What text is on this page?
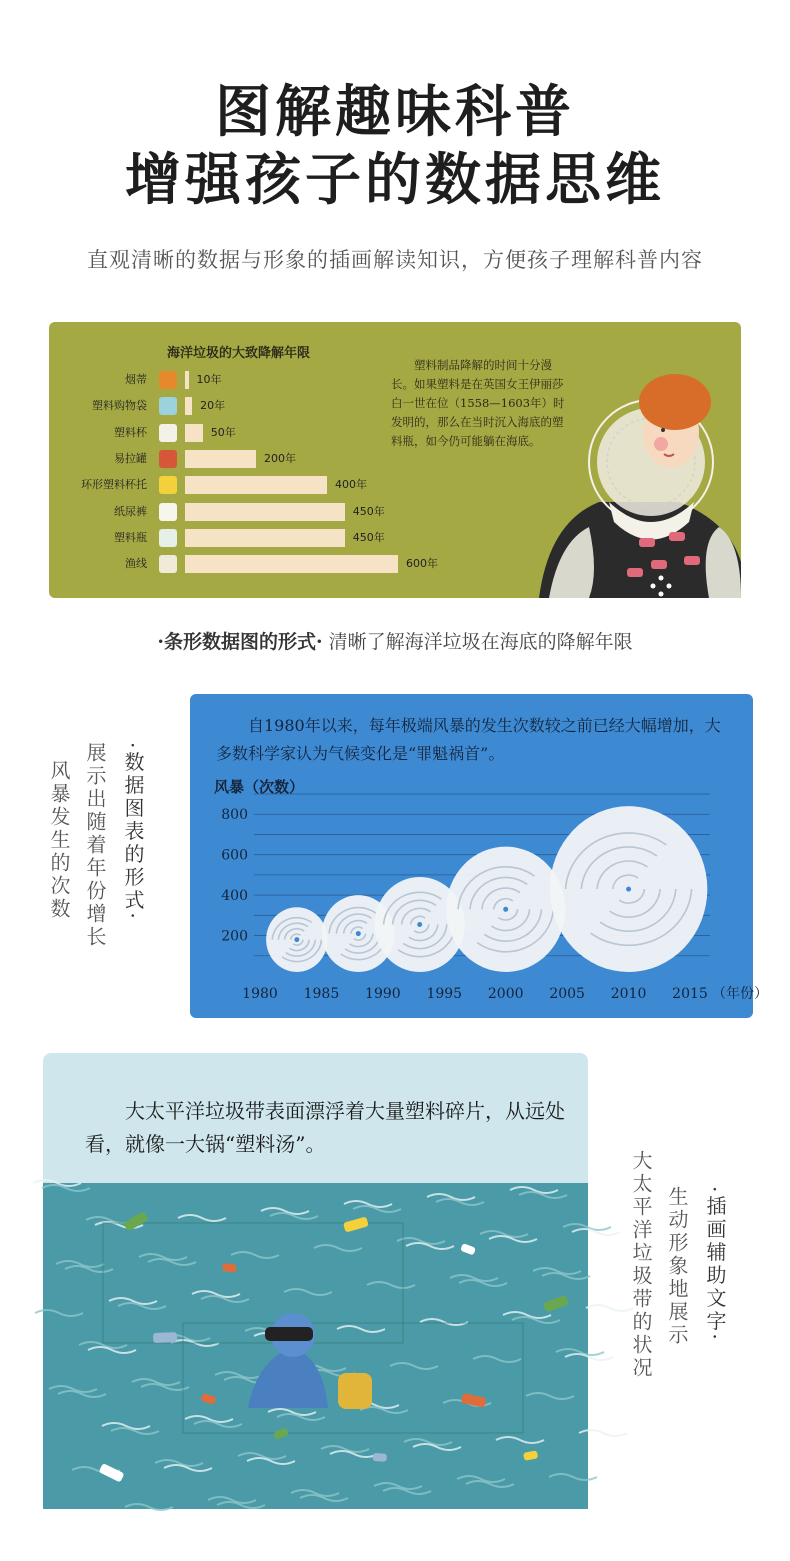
图解趣味科普
增强孩子的数据思维
直观清晰的数据与形象的插画解读知识，方便孩子理解科普内容
海洋垃圾的大致降解年限
烟蒂	10年
塑料购物袋	20年
塑料杯	50年
易拉罐	200年
环形塑料杯托	400年
纸尿裤	450年
塑料瓶	450年
渔线	600年
塑料制品降解的时间十分漫长。如果塑料是在英国女王伊丽莎白一世在位（1558—1603年）时发明的，那么在当时沉入海底的塑料瓶，如今仍可能躺在海底。
·条形数据图的形式· 清晰了解海洋垃圾在海底的降解年限
·数据图表的形式·
展示出随着年份增长
风暴发生的次数
200
400
600
800
1980 1985 1990 1995 2000 2005 2010 2015 （年份）
自1980年以来，每年极端风暴的发生次数较之前已经大幅增加，大多数科学家认为气候变化是“罪魁祸首”。
风暴（次数）
大太平洋垃圾带表面漂浮着大量塑料碎片，从远处看，就像一大锅“塑料汤”。
·插画辅助文字·
生动形象地展示
大太平洋垃圾带的状况
